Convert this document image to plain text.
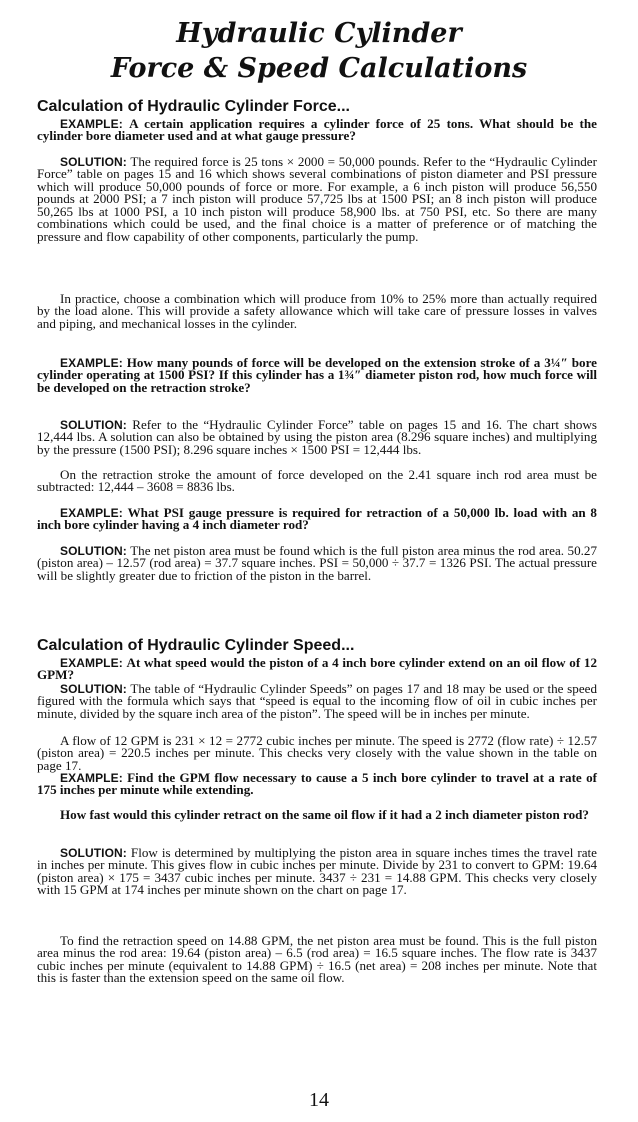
Hydraulic Cylinder
Force & Speed Calculations
Calculation of Hydraulic Cylinder Force...
EXAMPLE: A certain application requires a cylinder force of 25 tons. What should be the cylinder bore diameter used and at what gauge pressure?
SOLUTION: The required force is 25 tons × 2000 = 50,000 pounds. Refer to the “Hydraulic Cylinder Force” table on pages 15 and 16 which shows several combinations of piston diameter and PSI pressure which will produce 50,000 pounds of force or more. For example, a 6 inch piston will produce 56,550 pounds at 2000 PSI; a 7 inch piston will produce 57,725 lbs at 1500 PSI; an 8 inch piston will produce 50,265 lbs at 1000 PSI, a 10 inch piston will produce 58,900 lbs. at 750 PSI, etc. So there are many combinations which could be used, and the final choice is a matter of preference or of matching the pressure and flow capability of other components, particularly the pump.
In practice, choose a combination which will produce from 10% to 25% more than actually required by the load alone. This will provide a safety allowance which will take care of pressure losses in valves and piping, and mechanical losses in the cylinder.
EXAMPLE: How many pounds of force will be developed on the extension stroke of a 3¼″ bore cylinder operating at 1500 PSI? If this cylinder has a 1¾″ diameter piston rod, how much force will be developed on the retraction stroke?
SOLUTION: Refer to the “Hydraulic Cylinder Force” table on pages 15 and 16. The chart shows 12,444 lbs. A solution can also be obtained by using the piston area (8.296 square inches) and multiplying by the pressure (1500 PSI); 8.296 square inches × 1500 PSI = 12,444 lbs.
On the retraction stroke the amount of force developed on the 2.41 square inch rod area must be subtracted: 12,444 – 3608 = 8836 lbs.
EXAMPLE: What PSI gauge pressure is required for retraction of a 50,000 lb. load with an 8 inch bore cylinder having a 4 inch diameter rod?
SOLUTION: The net piston area must be found which is the full piston area minus the rod area. 50.27 (piston area) – 12.57 (rod area) = 37.7 square inches. PSI = 50,000 ÷ 37.7 = 1326 PSI. The actual pressure will be slightly greater due to friction of the piston in the barrel.
Calculation of Hydraulic Cylinder Speed...
EXAMPLE: At what speed would the piston of a 4 inch bore cylinder extend on an oil flow of 12 GPM?
SOLUTION: The table of “Hydraulic Cylinder Speeds” on pages 17 and 18 may be used or the speed figured with the formula which says that “speed is equal to the incoming flow of oil in cubic inches per minute, divided by the square inch area of the piston”. The speed will be in inches per minute.
A flow of 12 GPM is 231 × 12 = 2772 cubic inches per minute. The speed is 2772 (flow rate) ÷ 12.57 (piston area) = 220.5 inches per minute. This checks very closely with the value shown in the table on page 17.
EXAMPLE: Find the GPM flow necessary to cause a 5 inch bore cylinder to travel at a rate of 175 inches per minute while extending.
How fast would this cylinder retract on the same oil flow if it had a 2 inch diameter piston rod?
SOLUTION: Flow is determined by multiplying the piston area in square inches times the travel rate in inches per minute. This gives flow in cubic inches per minute. Divide by 231 to convert to GPM: 19.64 (piston area) × 175 = 3437 cubic inches per minute. 3437 ÷ 231 = 14.88 GPM. This checks very closely with 15 GPM at 174 inches per minute shown on the chart on page 17.
To find the retraction speed on 14.88 GPM, the net piston area must be found. This is the full piston area minus the rod area: 19.64 (piston area) – 6.5 (rod area) = 16.5 square inches. The flow rate is 3437 cubic inches per minute (equivalent to 14.88 GPM) ÷ 16.5 (net area) = 208 inches per minute. Note that this is faster than the extension speed on the same oil flow.
14
